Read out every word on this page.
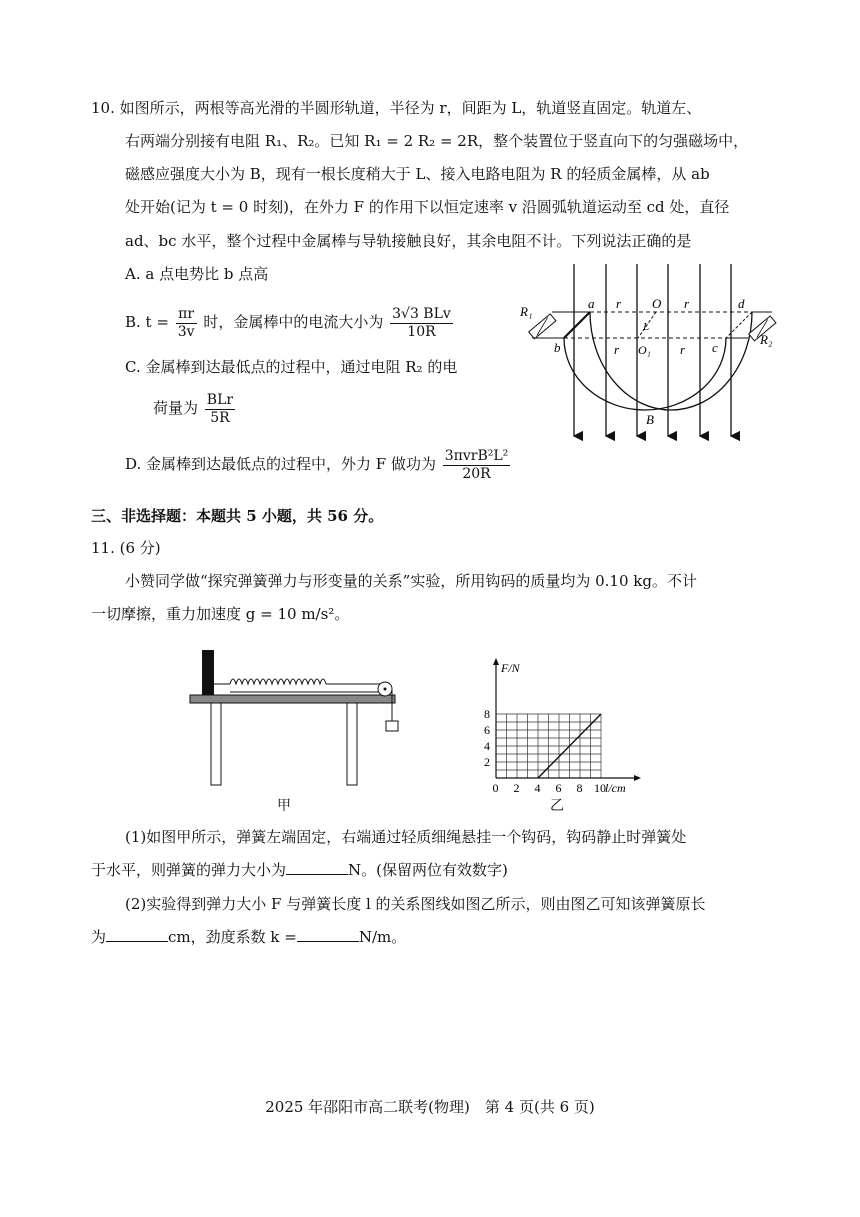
10. 如图所示，两根等高光滑的半圆形轨道，半径为 r，间距为 L，轨道竖直固定。轨道左、
右两端分别接有电阻 R₁、R₂。已知 R₁ = 2 R₂ = 2R，整个装置位于竖直向下的匀强磁场中，
磁感应强度大小为 B，现有一根长度稍大于 L、接入电路电阻为 R 的轻质金属棒，从 ab
处开始(记为 t = 0 时刻)，在外力 F 的作用下以恒定速率 v 沿圆弧轨道运动至 cd 处，直径
ad、bc 水平，整个过程中金属棒与导轨接触良好，其余电阻不计。下列说法正确的是
A. a 点电势比 b 点高
B. $t = \frac{\pi r}{3v}$ 时，金属棒中的电流大小为 $\frac{\text{3√3 BLv}}{10R}$
C. 金属棒到达最低点的过程中，通过电阻 R₂ 的电
荷量为 $\frac{\text{BLr}}{5R}$
D. 金属棒到达最低点的过程中，外力 F 做功为 $\frac{\text{3πvrB²L²}}{20R}$
R₁
R₂
a
b	c
d
O
O₁
r	r
r	r
L
B
三、非选择题：本题共 5 小题，共 56 分。
11. (6 分)
小赞同学做“探究弹簧弹力与形变量的关系”实验，所用钩码的质量均为 0.10 kg。不计
一切摩擦，重力加速度 g = 10 m/s²。
甲
0 2 4 6 8 10
2
4
6
8
F/N
l/cm
乙
(1)如图甲所示，弹簧左端固定，右端通过轻质细绳悬挂一个钩码，钩码静止时弹簧处
于水平，则弹簧的弹力大小为	N。(保留两位有效数字)
(2)实验得到弹力大小 F 与弹簧长度 l 的关系图线如图乙所示，则由图乙可知该弹簧原长
为	cm，劲度系数 k =	N/m。
2025 年邵阳市高二联考(物理)　第 4 页(共 6 页)
